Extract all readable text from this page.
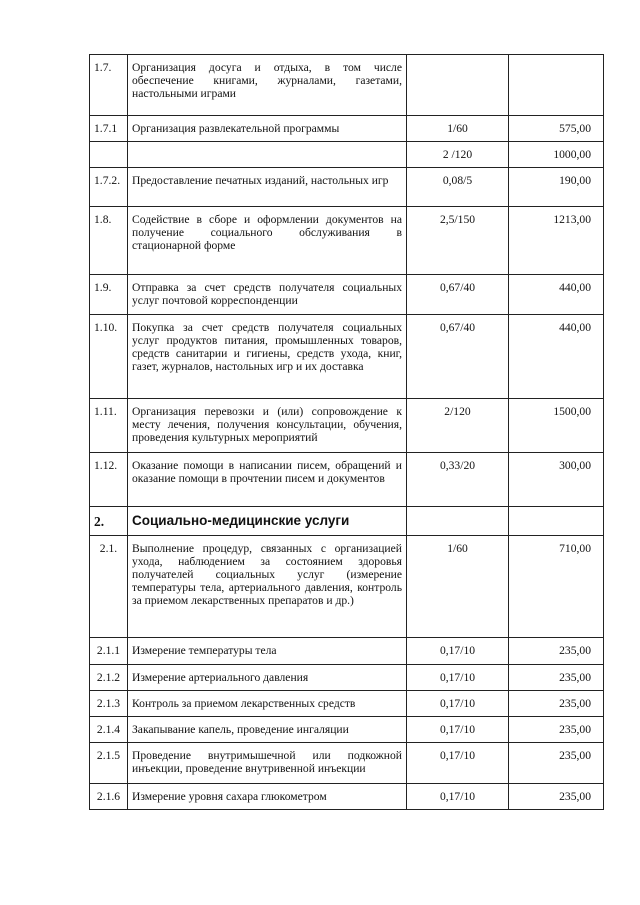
1.7.	Организация досуга и отдыха, в том числе обеспечение книгами, журналами, газетами, настольными играми		
1.7.1	Организация развлекательной программы	1/60	575,00
		2 /120	1000,00
1.7.2.	Предоставление печатных изданий, настольных игр	0,08/5	190,00
1.8.	Содействие в сборе и оформлении документов на получение социального обслуживания в стационарной форме	2,5/150	1213,00
1.9.	Отправка за счет средств получателя социальных услуг почтовой корреспонденции	0,67/40	440,00
1.10.	Покупка за счет средств получателя социальных услуг продуктов питания, промышленных товаров, средств санитарии и гигиены, средств ухода, книг, газет, журналов, настольных игр и их доставка	0,67/40	440,00
1.11.	Организация перевозки и (или) сопровождение к месту лечения, получения консультации, обучения, проведения культурных мероприятий	2/120	1500,00
1.12.	Оказание помощи в написании писем, обращений и оказание помощи в прочтении писем и документов	0,33/20	300,00
2.	Социально-медицинские услуги		
2.1.	Выполнение процедур, связанных с организацией ухода, наблюдением за состоянием здоровья получателей социальных услуг (измерение температуры тела, артериального давления, контроль за приемом лекарственных препаратов и др.)	1/60	710,00
2.1.1	Измерение температуры тела	0,17/10	235,00
2.1.2	Измерение артериального давления	0,17/10	235,00
2.1.3	Контроль за приемом лекарственных средств	0,17/10	235,00
2.1.4	Закапывание капель, проведение ингаляции	0,17/10	235,00
2.1.5	Проведение внутримышечной или подкожной инъекции, проведение внутривенной инъекции	0,17/10	235,00
2.1.6	Измерение уровня сахара глюкометром	0,17/10	235,00
